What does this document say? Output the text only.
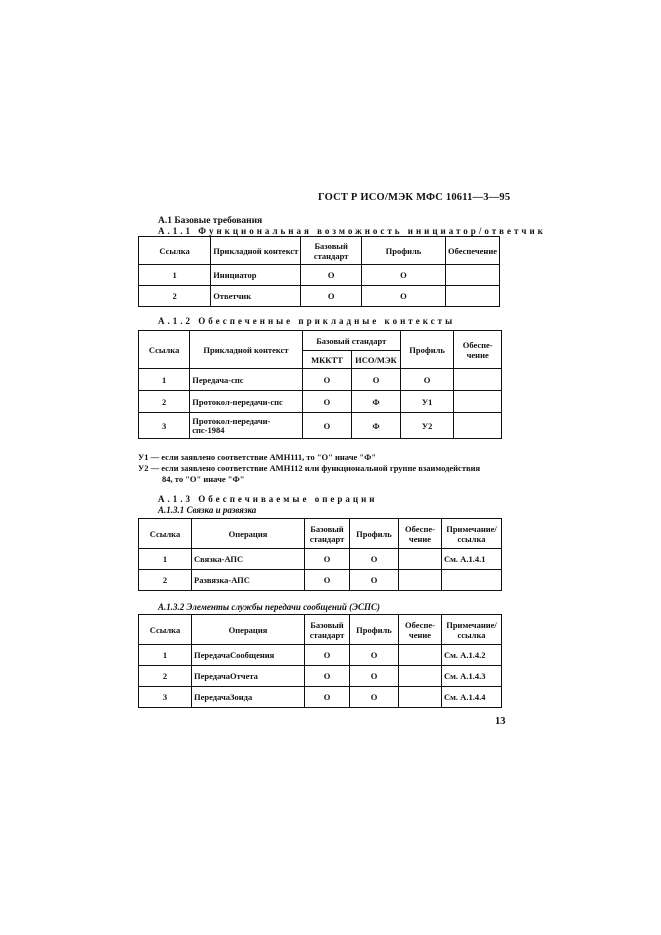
ГОСТ Р ИСО/МЭК МФС 10611—3—95
А.1 Базовые требования
А.1.1 Функциональная возможность инициатор/ответчик
Ссылка	Прикладной контекст	Базовый стандарт	Профиль	Обеспечение
1	Инициатор	О	О	
2	Ответчик	О	О	
А.1.2 Обеспеченные прикладные контексты
Ссылка	Прикладной контекст	Базовый стандарт		Профиль	Обеспе-чение
		МККТТ	ИСО/МЭК		
1	Передача-спс	О	О	О	
2	Протокол-передачи-спс	О	Ф	У1	
3	Протокол-передачи-спс-1984	О	Ф	У2	
У1 — если заявлено соответствие АМН111, то "О" иначе "Ф"
У2 — если заявлено соответствие АМН112 или функциональной группе взаимодействия
84, то "О" иначе "Ф"
А.1.3 Обеспечиваемые операции
А.1.3.1 Связка и развязка
Ссылка	Операция	Базовый стандарт	Профиль	Обеспе-чение	Примечание/ссылка
1	Связка-АПС	О	О		См. А.1.4.1
2	Развязка-АПС	О	О		
А.1.3.2 Элементы службы передачи сообщений (ЭСПС)
Ссылка	Операция	Базовый стандарт	Профиль	Обеспе-чение	Примечание/ссылка
1	ПередачаСообщения	О	О		См. А.1.4.2
2	ПередачаОтчета	О	О		См. А.1.4.3
3	ПередачаЗонда	О	О		См. А.1.4.4
13
